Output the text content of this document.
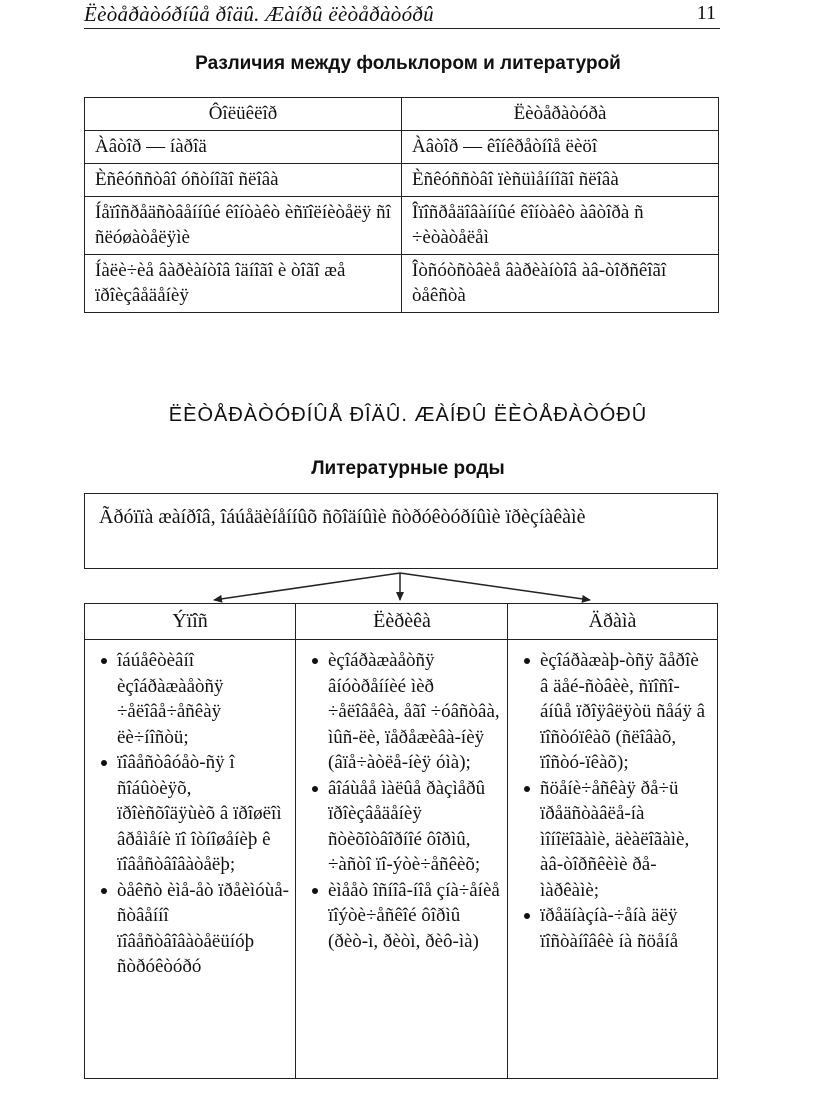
Ëèòåðàòóðíûå ðîäû. Æàíðû ëèòåðàòóðû	11
Различия между фольклором и литературой
Ôîëüêëîð	Ëèòåðàòóðà
Àâòîð — íàðîä	Àâòîð — êîíêðåòíîå ëèöî
Èñêóññòâî óñòíîãî ñëîâà	Èñêóññòâî ïèñüìåííîãî ñëîâà
Íåïîñðåäñòâåííûé êîíòàêò èñïîëíèòåëÿ ñî ñëóøàòåëÿìè	Îïîñðåäîâàííûé êîíòàêò àâòîðà ñ ÷èòàòåëåì
Íàëè÷èå âàðèàíòîâ îäíîãî è òîãî æå ïðîèçâåäåíèÿ	Îòñóòñòâèå âàðèàíòîâ àâ-òîðñêîãî òåêñòà
ËÈÒÅÐÀÒÓÐÍÛÅ ÐÎÄÛ. ÆÀÍÐÛ ËÈÒÅÐÀÒÓÐÛ
Литературные роды
Ãðóïïà æàíðîâ, îáúåäèíåííûõ ñõîäíûìè ñòðóêòóðíûìè ïðèçíàêàìè
Ýïîñ
îáúåêòèâíî èçîáðàæàåòñÿ ÷åëîâå÷åñêàÿ ëè÷íîñòü;
ïîâåñòâóåò-ñÿ î ñîáûòèÿõ, ïðîèñõîäÿùèõ â ïðîøëîì âðåìåíè ïî îòíîøåíèþ ê ïîâåñòâîâàòåëþ;
òåêñò èìå-åò ïðåèìóùå-ñòâåííî ïîâåñòâîâàòåëüíóþ ñòðóêòóðó
Ëèðèêà
èçîáðàæàåòñÿ âíóòðåííèé ìèð ÷åëîâåêà, åãî ÷óâñòâà, ìûñ-ëè, ïåðåæèâà-íèÿ (âïå÷àòëå-íèÿ óìà);
âîáùåå ìàëûå ðàçìåðû ïðîèçâåäåíèÿ ñòèõîòâîðíîé ôîðìû, ÷àñòî ïî-ýòè÷åñêèõ;
èìååò îñíîâ-íîå çíà÷åíèå ïîýòè÷åñêîé ôîðìû (ðèò-ì, ðèòì, ðèô-ìà)
Äðàìà
èçîáðàæàþ-òñÿ ãåðîè â äåé-ñòâèè, ñïîñî-áíûå ïðîÿâëÿòü ñåáÿ â ïîñòóïêàõ (ñëîâàõ, ïîñòó-ïêàõ);
ñöåíè÷åñêàÿ ðå÷ü ïðåäñòàâëå-íà ìîíîëîãàìè, äèàëîãàìè, àâ-òîðñêèìè ðå-ìàðêàìè;
ïðåäíàçíà-÷åíà äëÿ ïîñòàíîâêè íà ñöåíå
